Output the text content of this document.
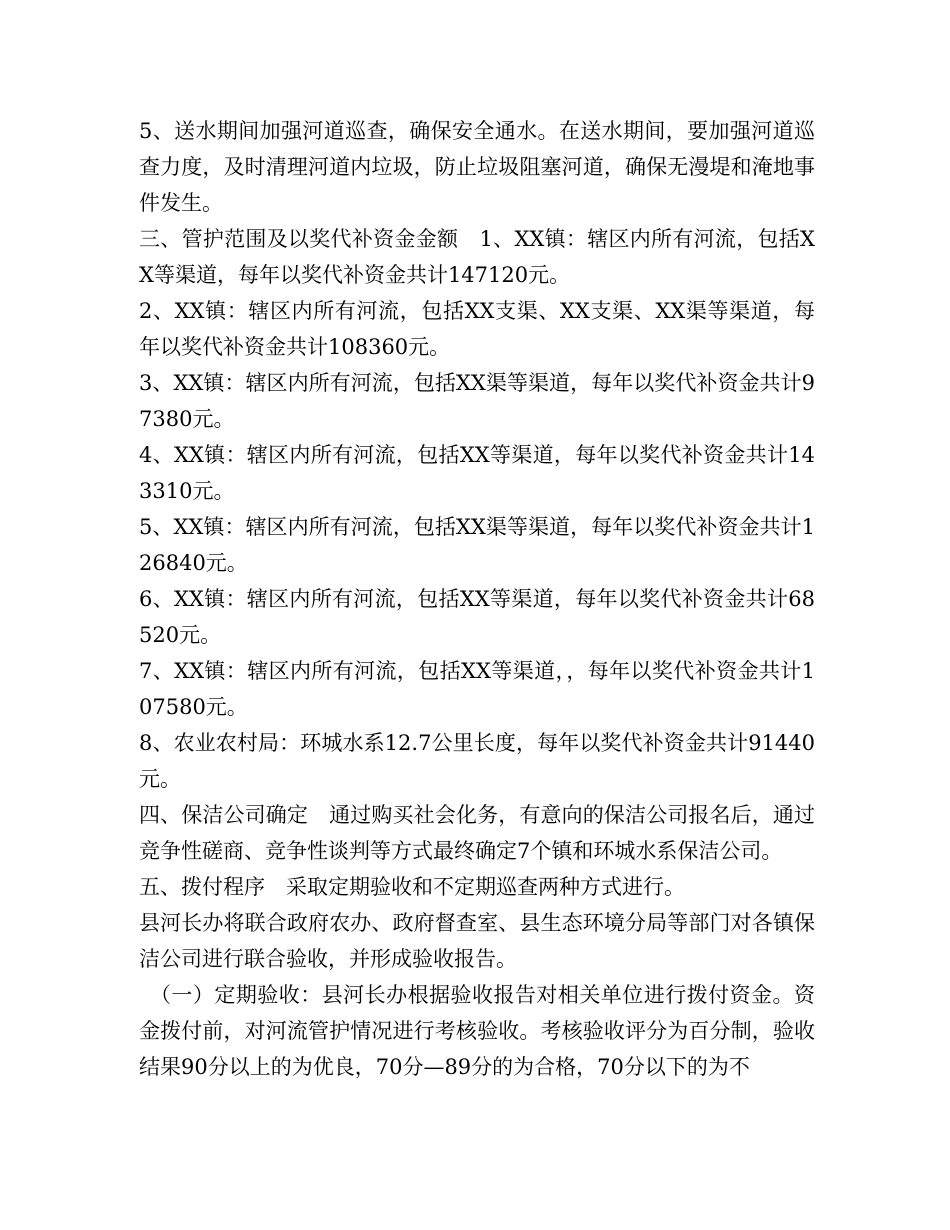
5、送水期间加强河道巡查，确保安全通水。在送水期间，要加强河道巡查力度，及时清理河道内垃圾，防止垃圾阻塞河道，确保无漫堤和淹地事件发生。

三、管护范围及以奖代补资金金额　1、XX镇：辖区内所有河流，包括XX等渠道，每年以奖代补资金共计147120元。

2、XX镇：辖区内所有河流，包括XX支渠、XX支渠、XX渠等渠道，每年以奖代补资金共计108360元。

3、XX镇：辖区内所有河流，包括XX渠等渠道，每年以奖代补资金共计97380元。

4、XX镇：辖区内所有河流，包括XX等渠道，每年以奖代补资金共计143310元。

5、XX镇：辖区内所有河流，包括XX渠等渠道，每年以奖代补资金共计126840元。

6、XX镇：辖区内所有河流，包括XX等渠道，每年以奖代补资金共计68520元。

7、XX镇：辖区内所有河流，包括XX等渠道，，每年以奖代补资金共计107580元。

8、农业农村局：环城水系12.7公里长度，每年以奖代补资金共计91440元。

四、保洁公司确定　通过购买社会化务，有意向的保洁公司报名后，通过竞争性磋商、竞争性谈判等方式最终确定7个镇和环城水系保洁公司。

五、拨付程序　采取定期验收和不定期巡查两种方式进行。

县河长办将联合政府农办、政府督查室、县生态环境分局等部门对各镇保洁公司进行联合验收，并形成验收报告。

　（一）定期验收：县河长办根据验收报告对相关单位进行拨付资金。资金拨付前，对河流管护情况进行考核验收。考核验收评分为百分制，验收结果90分以上的为优良，70分—89分的为合格，70分以下的为不
